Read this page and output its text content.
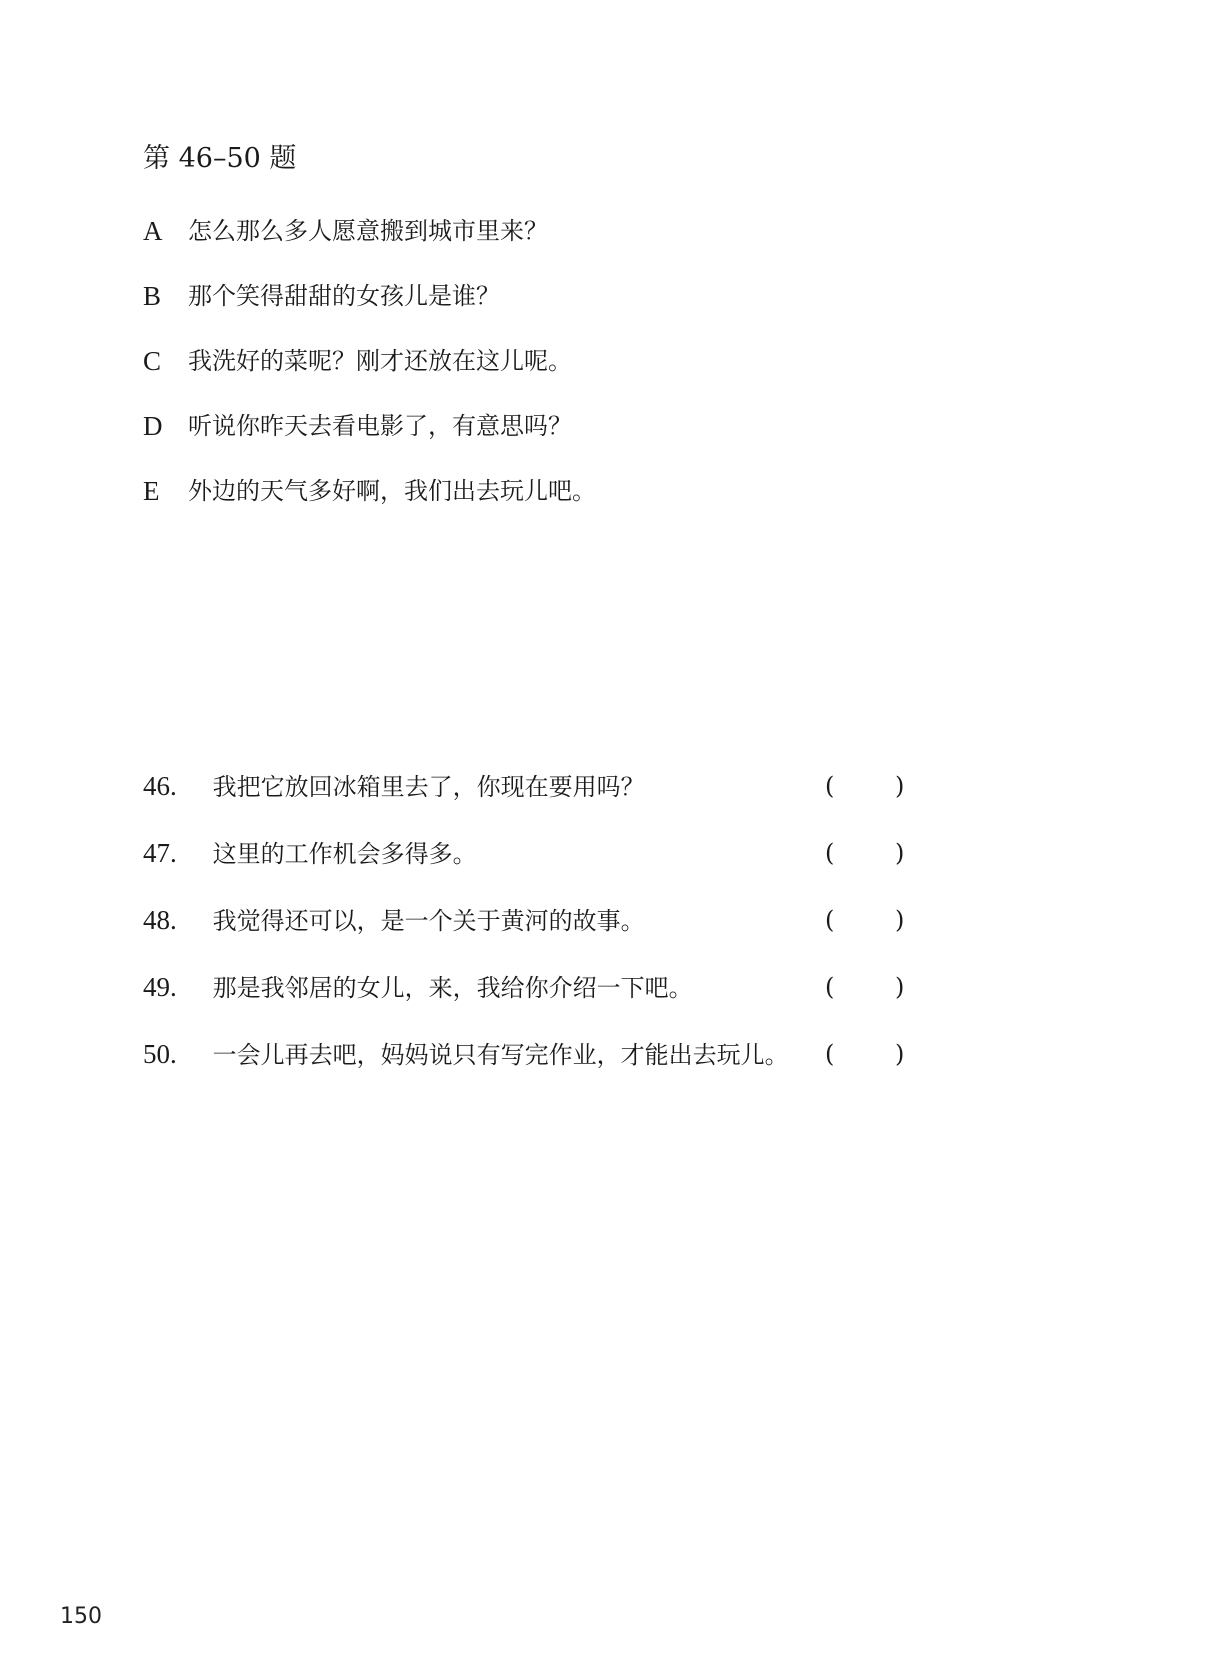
第 46–50 题
A	怎么那么多人愿意搬到城市里来？
B	那个笑得甜甜的女孩儿是谁？
C	我洗好的菜呢？刚才还放在这儿呢。
D	听说你昨天去看电影了，有意思吗？
E	外边的天气多好啊，我们出去玩儿吧。
46. 我把它放回冰箱里去了，你现在要用吗？	(	)
47. 这里的工作机会多得多。	(	)
48. 我觉得还可以，是一个关于黄河的故事。	(	)
49. 那是我邻居的女儿，来，我给你介绍一下吧。	(	)
50. 一会儿再去吧，妈妈说只有写完作业，才能出去玩儿。 (	)
150
